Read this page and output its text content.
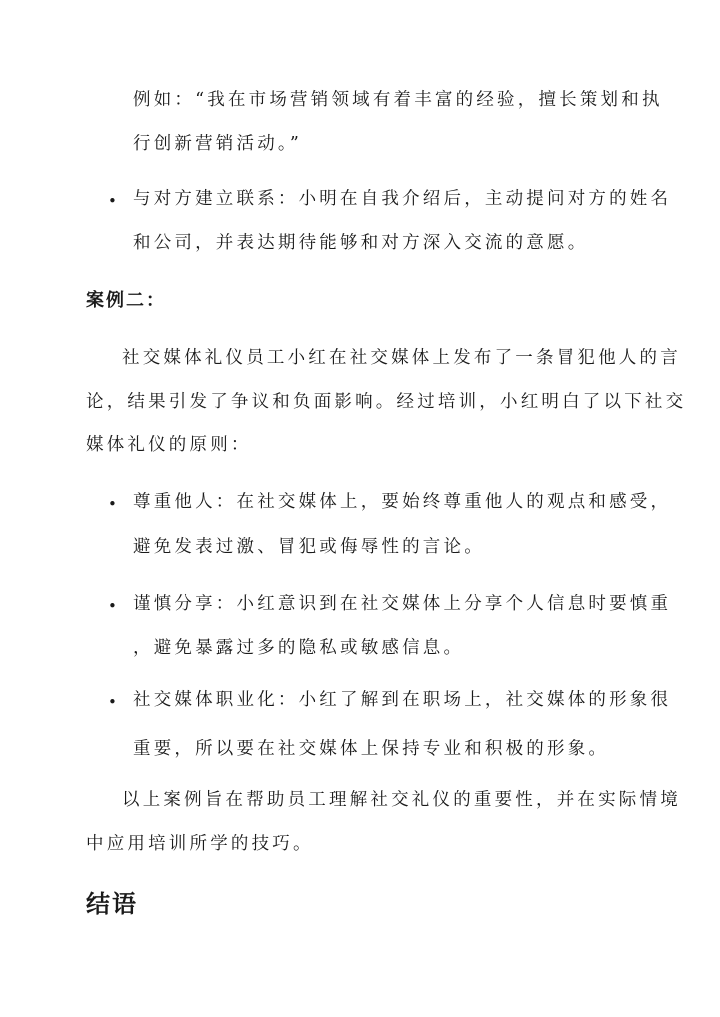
例如：“我在市场营销领域有着丰富的经验，擅长策划和执
行创新营销活动。”
• 与对方建立联系：小明在自我介绍后，主动提问对方的姓名
和公司，并表达期待能够和对方深入交流的意愿。
案例二：
社交媒体礼仪员工小红在社交媒体上发布了一条冒犯他人的言
论，结果引发了争议和负面影响。经过培训，小红明白了以下社交
媒体礼仪的原则：
• 尊重他人：在社交媒体上，要始终尊重他人的观点和感受，
避免发表过激、冒犯或侮辱性的言论。
• 谨慎分享：小红意识到在社交媒体上分享个人信息时要慎重
，避免暴露过多的隐私或敏感信息。
• 社交媒体职业化：小红了解到在职场上，社交媒体的形象很
重要，所以要在社交媒体上保持专业和积极的形象。
以上案例旨在帮助员工理解社交礼仪的重要性，并在实际情境
中应用培训所学的技巧。
结语
